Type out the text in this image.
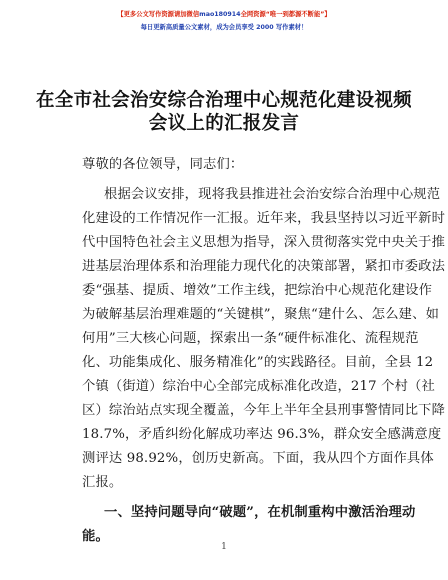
【更多公文写作资源请加微信mao180914全网资源“唯一到都源不断能”】
每日更新高质量公文素材，成为会员享受 2000 写作素材！
在全市社会治安综合治理中心规范化建设视频
会议上的汇报发言
尊敬的各位领导，同志们：
根据会议安排，现将我县推进社会治安综合治理中心规范
化建设的工作情况作一汇报。近年来，我县坚持以习近平新时
代中国特色社会主义思想为指导，深入贯彻落实党中央关于推
进基层治理体系和治理能力现代化的决策部署，紧扣市委政法
委“强基、提质、增效”工作主线，把综治中心规范化建设作
为破解基层治理难题的“关键棋”，聚焦“建什么、怎么建、如
何用”三大核心问题，探索出一条“硬件标准化、流程规范
化、功能集成化、服务精准化”的实践路径。目前，全县 12
个镇（街道）综治中心全部完成标准化改造，217 个村（社
区）综治站点实现全覆盖，今年上半年全县刑事警情同比下降
18.7%，矛盾纠纷化解成功率达 96.3%，群众安全感满意度
测评达 98.92%，创历史新高。下面，我从四个方面作具体
汇报。
一、坚持问题导向“破题”，在机制重构中激活治理动
能。
1
